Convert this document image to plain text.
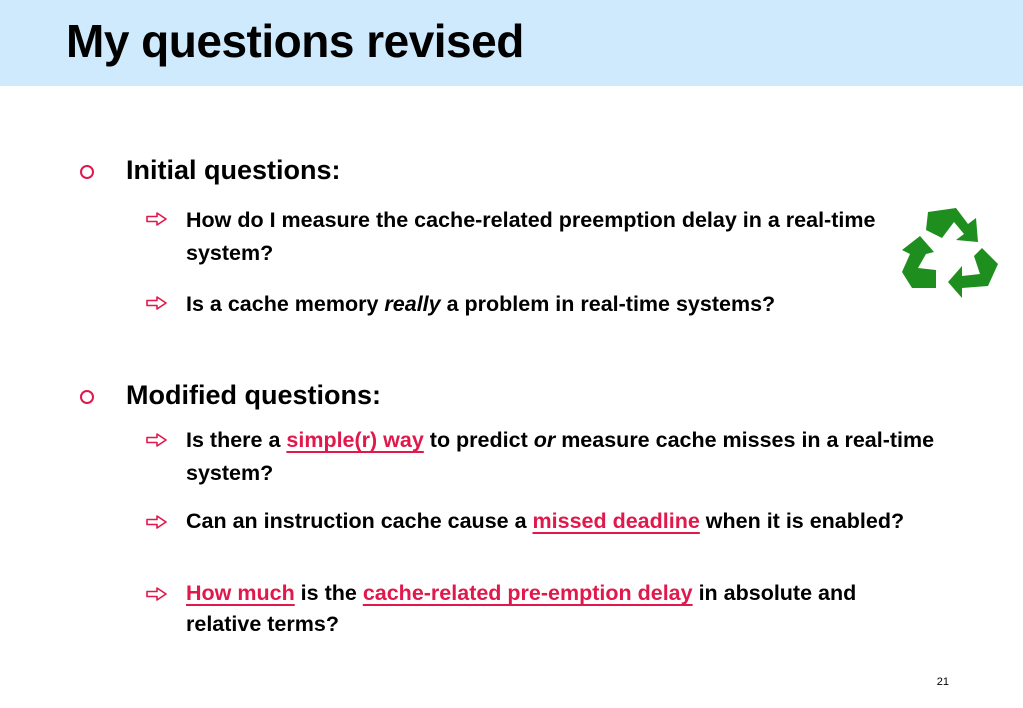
My questions revised
Initial questions:
How do I measure the cache-related preemption delay in a real-time system?
Is a cache memory really a problem in real-time systems?
Modified questions:
Is there a simple(r) way to predict or measure cache misses in a real-time system?
Can an instruction cache cause a missed deadline when it is enabled?
How much is the cache-related pre-emption delay in absolute and relative terms?
21
